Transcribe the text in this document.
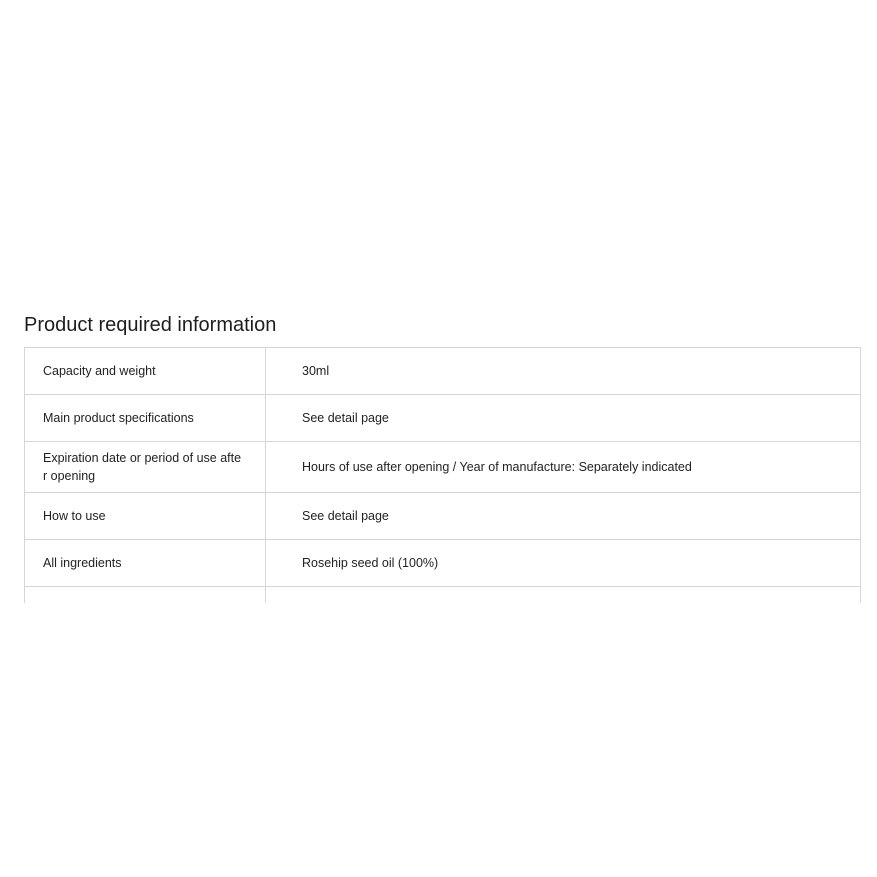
Product required information
Capacity and weight	30ml
Main product specifications	See detail page
Expiration date or period of use after opening	Hours of use after opening / Year of manufacture: Separately indicated
How to use	See detail page
All ingredients	Rosehip seed oil (100%)
